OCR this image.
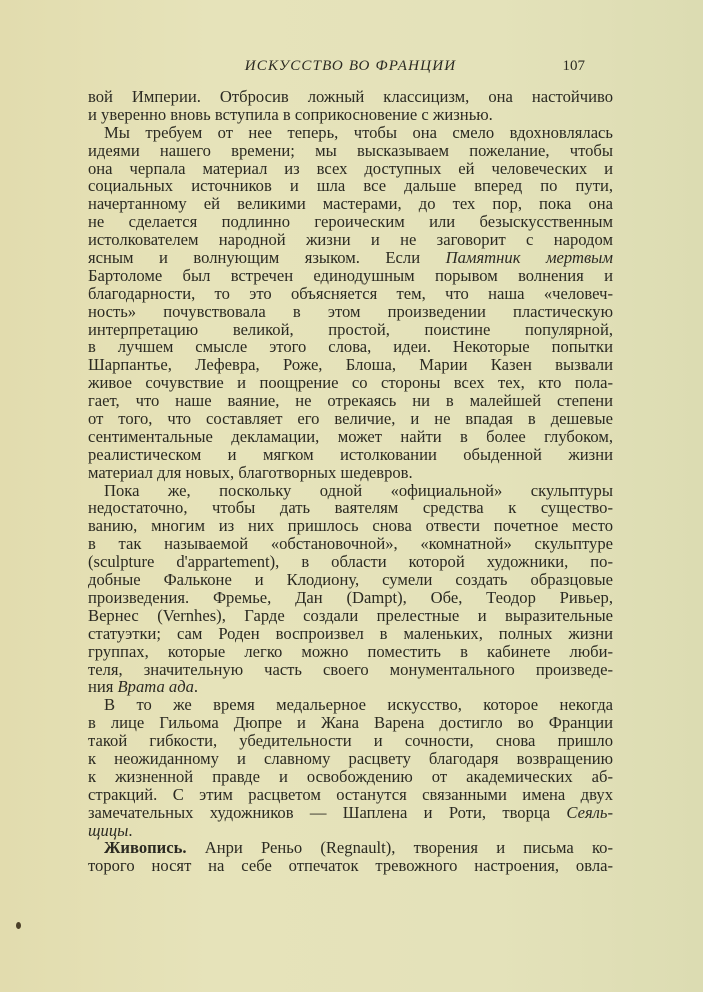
ИСКУССТВО ВО ФРАНЦИИ	107
вой Империи. Отбросив ложный классицизм, она настойчиво
и уверенно вновь вступила в соприкосновение с жизнью.
Мы требуем от нее теперь, чтобы она смело вдохновлялась
идеями нашего времени; мы высказываем пожелание, чтобы
она черпала материал из всех доступных ей человеческих и
социальных источников и шла все дальше вперед по пути,
начертанному ей великими мастерами, до тех пор, пока она
не сделается подлинно героическим или безыскусственным
истолкователем народной жизни и не заговорит с народом
ясным и волнующим языком. Если Памятник мертвым
Бартоломе был встречен единодушным порывом волнения и
благодарности, то это объясняется тем, что наша «человеч-
ность» почувствовала в этом произведении пластическую
интерпретацию великой, простой, поистине популярной,
в лучшем смысле этого слова, идеи. Некоторые попытки
Шарпантье, Лефевра, Роже, Блоша, Марии Казен вызвали
живое сочувствие и поощрение со стороны всех тех, кто пола-
гает, что наше ваяние, не отрекаясь ни в малейшей степени
от того, что составляет его величие, и не впадая в дешевые
сентиментальные декламации, может найти в более глубоком,
реалистическом и мягком истолковании обыденной жизни
материал для новых, благотворных шедевров.
Пока же, поскольку одной «официальной» скульптуры
недостаточно, чтобы дать ваятелям средства к существо-
ванию, многим из них пришлось снова отвести почетное место
в так называемой «обстановочной», «комнатной» скульптуре
(sculpture d'appartement), в области которой художники, по-
добные Фальконе и Клодиону, сумели создать образцовые
произведения. Фремье, Дан (Dampt), Обе, Теодор Ривьер,
Вернес (Vernhes), Гарде создали прелестные и выразительные
статуэтки; сам Роден воспроизвел в маленьких, полных жизни
группах, которые легко можно поместить в кабинете люби-
теля, значительную часть своего монументального произведе-
ния Врата ада.
В то же время медальерное искусство, которое некогда
в лице Гильома Дюпре и Жана Варена достигло во Франции
такой гибкости, убедительности и сочности, снова пришло
к неожиданному и славному расцвету благодаря возвращению
к жизненной правде и освобождению от академических аб-
стракций. С этим расцветом останутся связанными имена двух
замечательных художников — Шаплена и Роти, творца Сеяль-
щицы.
Живопись. Анри Реньо (Regnault), творения и письма ко-
торого носят на себе отпечаток тревожного настроения, овла-
